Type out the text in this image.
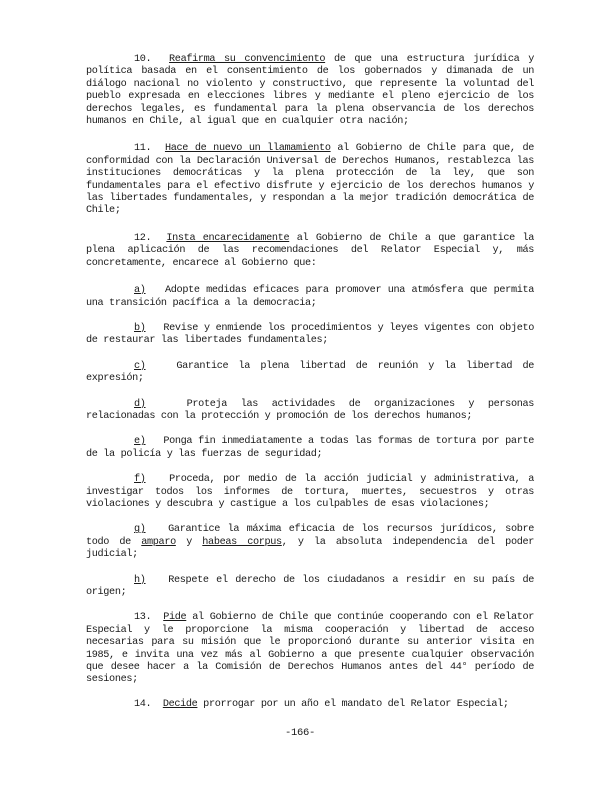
10. Reafirma su convencimiento de que una estructura jurídica y política basada en el consentimiento de los gobernados y dimanada de un diálogo nacional no violento y constructivo, que represente la voluntad del pueblo expresada en elecciones libres y mediante el pleno ejercicio de los derechos legales, es fundamental para la plena observancia de los derechos humanos en Chile, al igual que en cualquier otra nación;

11. Hace de nuevo un llamamiento al Gobierno de Chile para que, de conformidad con la Declaración Universal de Derechos Humanos, restablezca las instituciones democráticas y la plena protección de la ley, que son fundamentales para el efectivo disfrute y ejercicio de los derechos humanos y las libertades fundamentales, y respondan a la mejor tradición democrática de Chile;

12. Insta encarecidamente al Gobierno de Chile a que garantice la plena aplicación de las recomendaciones del Relator Especial y, más concretamente, encarece al Gobierno que:

a) Adopte medidas eficaces para promover una atmósfera que permita una transición pacífica a la democracia;

b) Revise y enmiende los procedimientos y leyes vigentes con objeto de restaurar las libertades fundamentales;

c)	Garantice la plena libertad de reunión y la libertad de expresión;

d)	Proteja las actividades de organizaciones y personas relacionadas con la protección y promoción de los derechos humanos;

e) Ponga fin inmediatamente a todas las formas de tortura por parte de la policía y las fuerzas de seguridad;

f) Proceda, por medio de la acción judicial y administrativa, a investigar todos los informes de tortura, muertes, secuestros y otras violaciones y descubra y castigue a los culpables de esas violaciones;

g) Garantice la máxima eficacia de los recursos jurídicos, sobre todo de amparo y habeas corpus, y la absoluta independencia del poder judicial;

h) Respete el derecho de los ciudadanos a residir en su país de origen;

13. Pide al Gobierno de Chile que continúe cooperando con el Relator Especial y le proporcione la misma cooperación y libertad de acceso necesarias para su misión que le proporcionó durante su anterior visita en 1985, e invita una vez más al Gobierno a que presente cualquier observación que desee hacer a la Comisión de Derechos Humanos antes del 44° período de sesiones;

14. Decide prorrogar por un año el mandato del Relator Especial;

-166-
